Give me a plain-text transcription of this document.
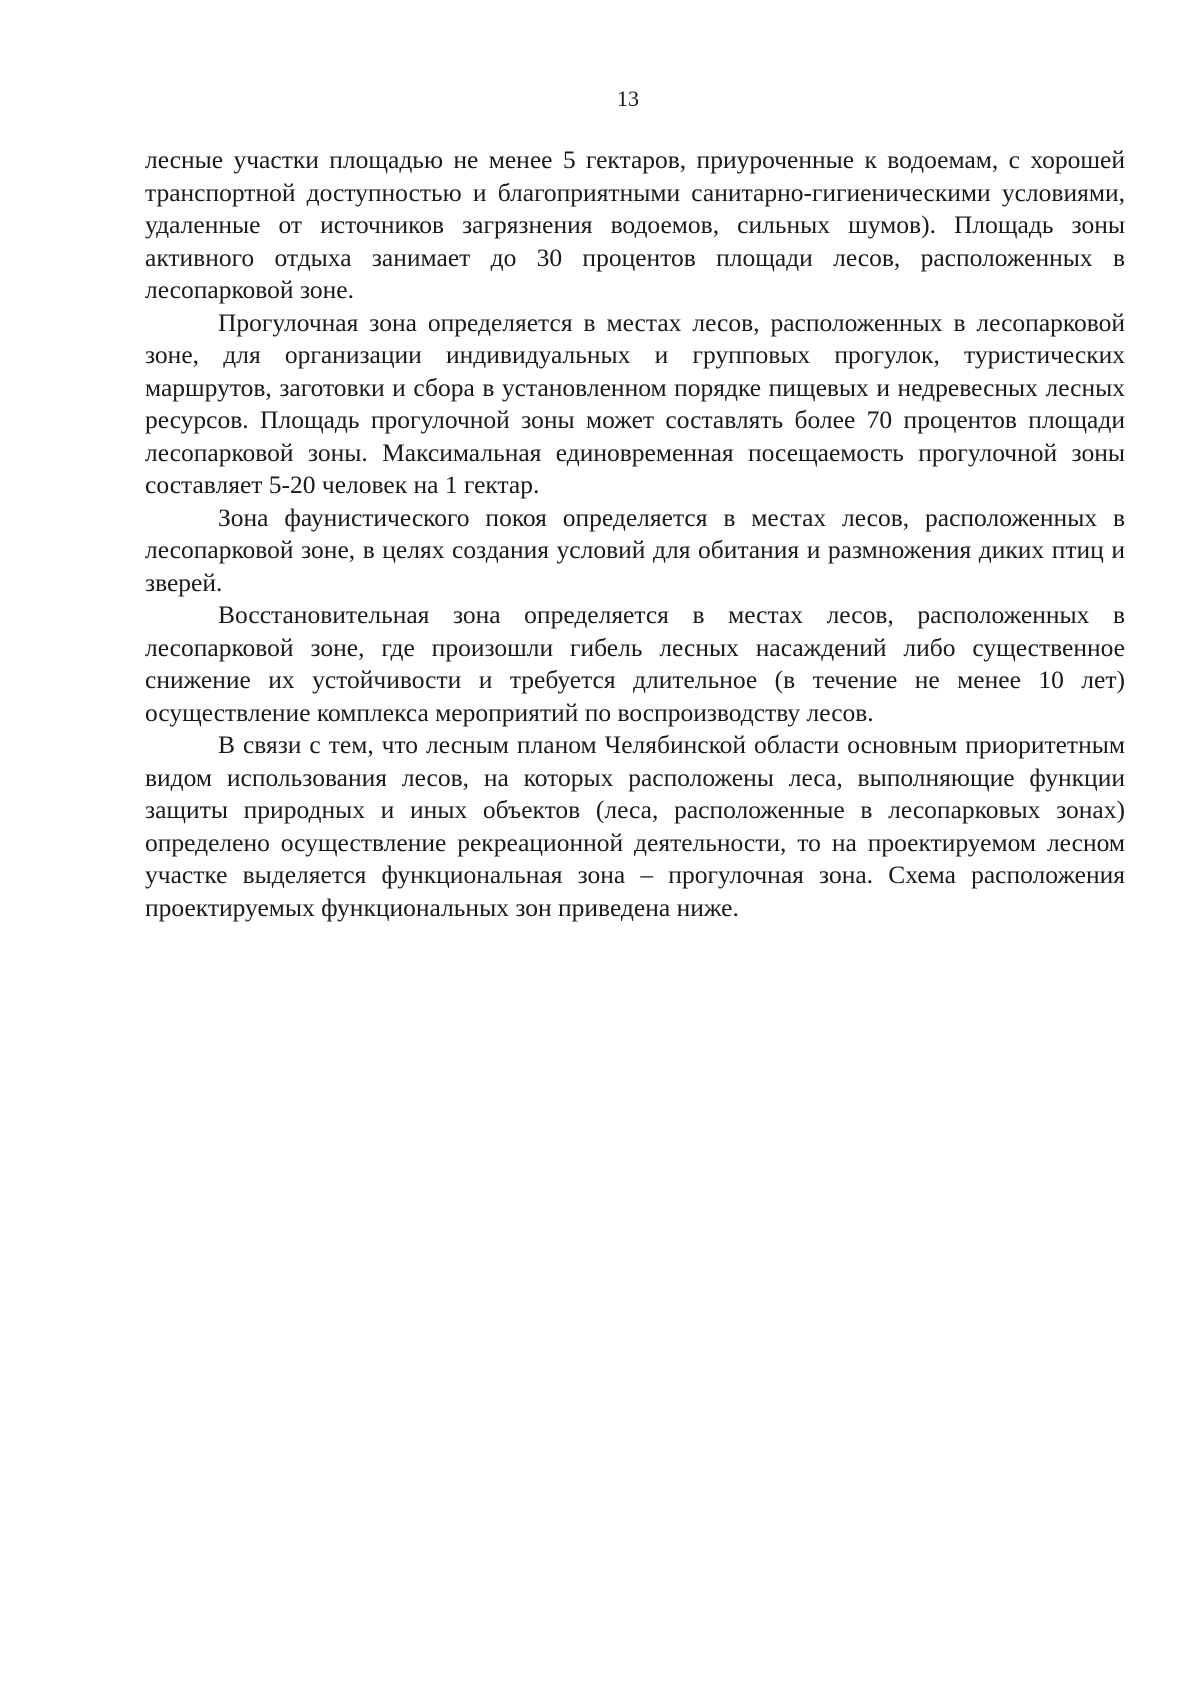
13

лесные участки площадью не менее 5 гектаров, приуроченные к водоемам, с хорошей транспортной доступностью и благоприятными санитарно-гигиеническими условиями, удаленные от источников загрязнения водоемов, сильных шумов). Площадь зоны активного отдыха занимает до 30 процентов площади лесов, расположенных в лесопарковой зоне.

Прогулочная зона определяется в местах лесов, расположенных в лесопарковой зоне, для организации индивидуальных и групповых прогулок, туристических маршрутов, заготовки и сбора в установленном порядке пищевых и недревесных лесных ресурсов. Площадь прогулочной зоны может составлять более 70 процентов площади лесопарковой зоны. Максимальная единовременная посещаемость прогулочной зоны составляет 5-20 человек на 1 гектар.

Зона фаунистического покоя определяется в местах лесов, расположенных в лесопарковой зоне, в целях создания условий для обитания и размножения диких птиц и зверей.

Восстановительная зона определяется в местах лесов, расположенных в лесопарковой зоне, где произошли гибель лесных насаждений либо существенное снижение их устойчивости и требуется длительное (в течение не менее 10 лет) осуществление комплекса мероприятий по воспроизводству лесов.

В связи с тем, что лесным планом Челябинской области основным приоритетным видом использования лесов, на которых расположены леса, выполняющие функции защиты природных и иных объектов (леса, расположенные в лесопарковых зонах) определено осуществление рекреационной деятельности, то на проектируемом лесном участке выделяется функциональная зона – прогулочная зона. Схема расположения проектируемых функциональных зон приведена ниже.
